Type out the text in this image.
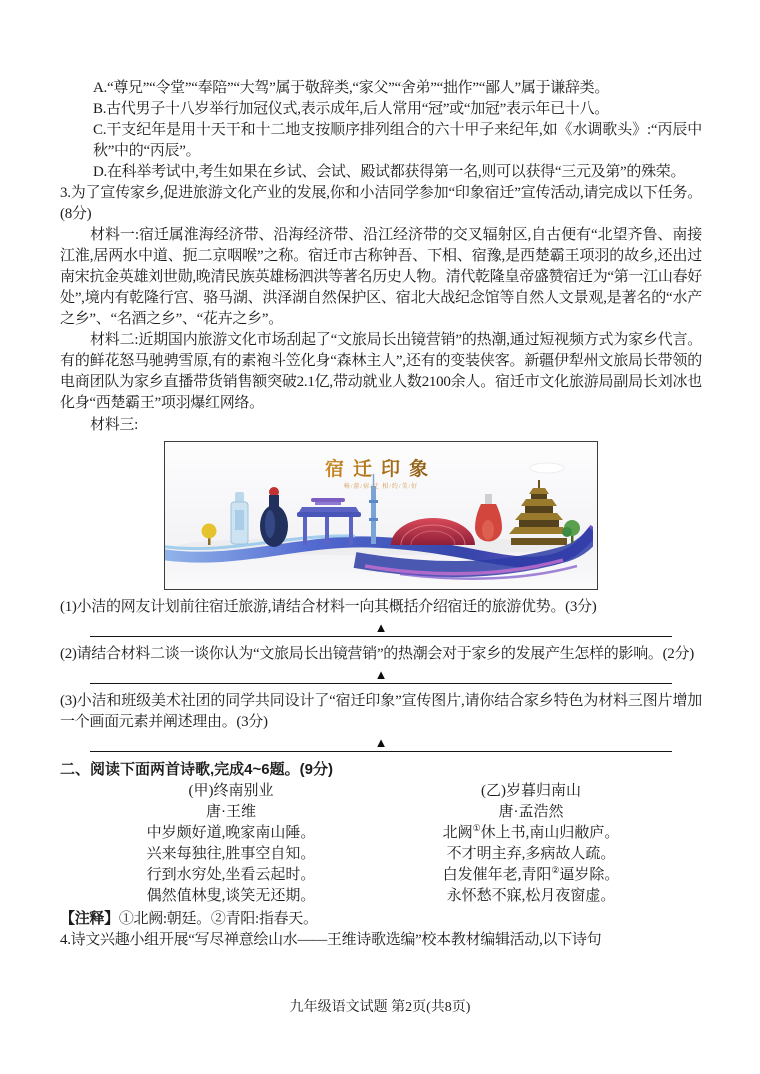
A.“尊兄”“令堂”“奉陪”“大驾”属于敬辞类,“家父”“舍弟”“拙作”“鄙人”属于谦辞类。

B.古代男子十八岁举行加冠仪式,表示成年,后人常用“冠”或“加冠”表示年已十八。

C.干支纪年是用十天干和十二地支按顺序排列组合的六十甲子来纪年,如《水调歌头》:“丙辰中秋”中的“丙辰”。

D.在科举考试中,考生如果在乡试、会试、殿试都获得第一名,则可以获得“三元及第”的殊荣。

3.为了宣传家乡,促进旅游文化产业的发展,你和小洁同学参加“印象宿迁”宣传活动,请完成以下任务。(8分)

材料一:宿迁属淮海经济带、沿海经济带、沿江经济带的交叉辐射区,自古便有“北望齐鲁、南接江淮,居两水中道、扼二京咽喉”之称。宿迁市古称钟吾、下相、宿豫,是西楚霸王项羽的故乡,还出过南宋抗金英雄刘世勋,晚清民族英雄杨泗洪等著名历史人物。清代乾隆皇帝盛赞宿迁为“第一江山春好处”,境内有乾隆行宫、骆马湖、洪泽湖自然保护区、宿北大战纪念馆等自然人文景观,是著名的“水产之乡”、“名酒之乡”、“花卉之乡”。

材料二:近期国内旅游文化市场刮起了“文旅局长出镜营销”的热潮,通过短视频方式为家乡代言。有的鲜花怒马驰骋雪原,有的素袍斗笠化身“森林主人”,还有的变装侠客。新疆伊犁州文旅局长带领的电商团队为家乡直播带货销售额突破2.1亿,带动就业人数2100余人。宿迁市文化旅游局副局长刘冰也化身“西楚霸王”项羽爆红网络。

材料三:

宿迁印象
畅/游/宿/迁 相/约/美/好
·· ···· ·· ······ ···· ·· ····

(1)小洁的网友计划前往宿迁旅游,请结合材料一向其概括介绍宿迁的旅游优势。(3分)

▲

(2)请结合材料二谈一谈你认为“文旅局长出镜营销”的热潮会对于家乡的发展产生怎样的影响。(2分)

▲

(3)小洁和班级美术社团的同学共同设计了“宿迁印象”宣传图片,请你结合家乡特色为材料三图片增加一个画面元素并阐述理由。(3分)

▲

二、阅读下面两首诗歌,完成4~6题。(9分)

(甲)终南别业

唐·王维

中岁颇好道,晚家南山陲。

兴来每独往,胜事空自知。

行到水穷处,坐看云起时。

偶然值林叟,谈笑无还期。

(乙)岁暮归南山

唐·孟浩然

北阙①休上书,南山归敝庐。

不才明主弃,多病故人疏。

白发催年老,青阳②逼岁除。

永怀愁不寐,松月夜窗虚。

【注释】①北阙:朝廷。②青阳:指春天。

4.诗文兴趣小组开展“写尽禅意绘山水——王维诗歌选编”校本教材编辑活动,以下诗句

九年级语文试题 第2页(共8页)
